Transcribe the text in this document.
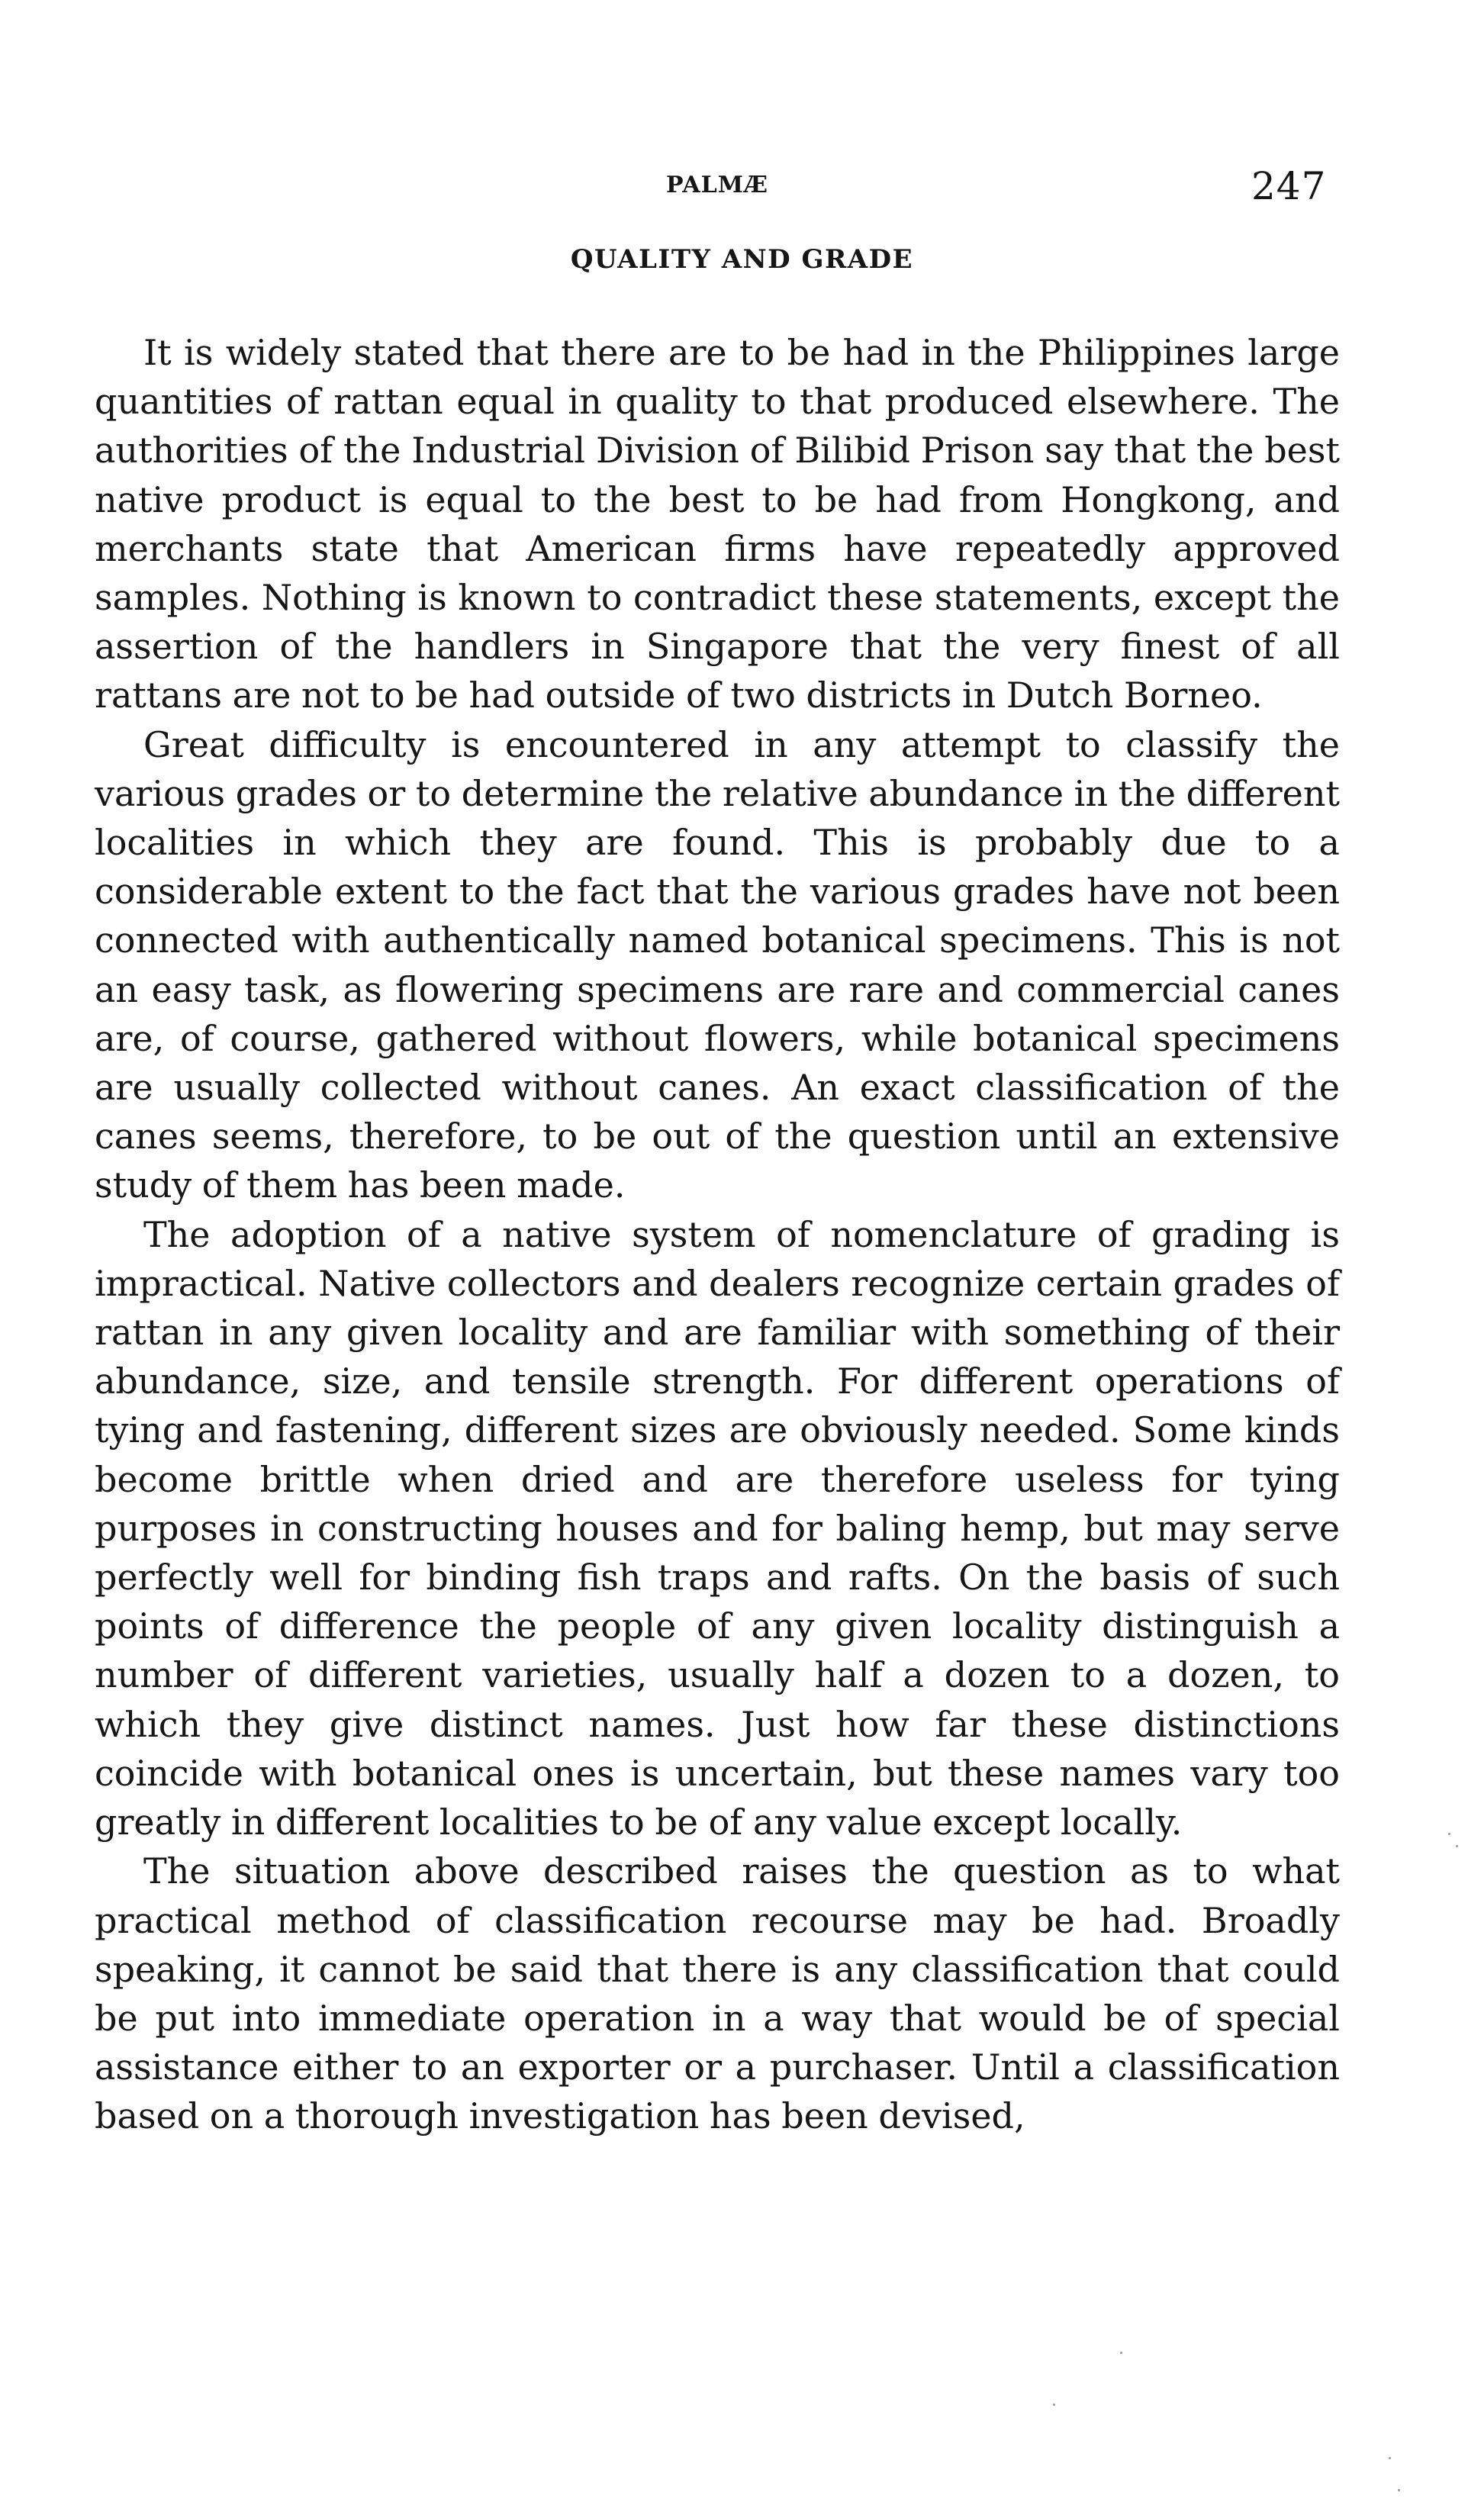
PALMÆ	247
QUALITY AND GRADE

It is widely stated that there are to be had in the Philippines large quantities of rattan equal in quality to that produced elsewhere. The authorities of the Industrial Division of Bilibid Prison say that the best native product is equal to the best to be had from Hongkong, and merchants state that American firms have repeatedly approved samples. Nothing is known to contradict these statements, except the assertion of the handlers in Singapore that the very finest of all rattans are not to be had outside of two districts in Dutch Borneo.

Great difficulty is encountered in any attempt to classify the various grades or to determine the relative abundance in the different localities in which they are found. This is probably due to a considerable extent to the fact that the various grades have not been connected with authentically named botanical specimens. This is not an easy task, as flowering specimens are rare and commercial canes are, of course, gathered without flowers, while botanical specimens are usually collected without canes. An exact classification of the canes seems, therefore, to be out of the question until an extensive study of them has been made.

The adoption of a native system of nomenclature of grading is impractical. Native collectors and dealers recognize certain grades of rattan in any given locality and are familiar with something of their abundance, size, and tensile strength. For different operations of tying and fastening, different sizes are obviously needed. Some kinds become brittle when dried and are therefore useless for tying purposes in constructing houses and for baling hemp, but may serve perfectly well for binding fish traps and rafts. On the basis of such points of difference the people of any given locality distinguish a number of different varieties, usually half a dozen to a dozen, to which they give distinct names. Just how far these distinctions coincide with botanical ones is uncertain, but these names vary too greatly in different localities to be of any value except locally.

The situation above described raises the question as to what practical method of classification recourse may be had. Broadly speaking, it cannot be said that there is any classification that could be put into immediate operation in a way that would be of special assistance either to an exporter or a purchaser. Until a classification based on a thorough investigation has been devised,
